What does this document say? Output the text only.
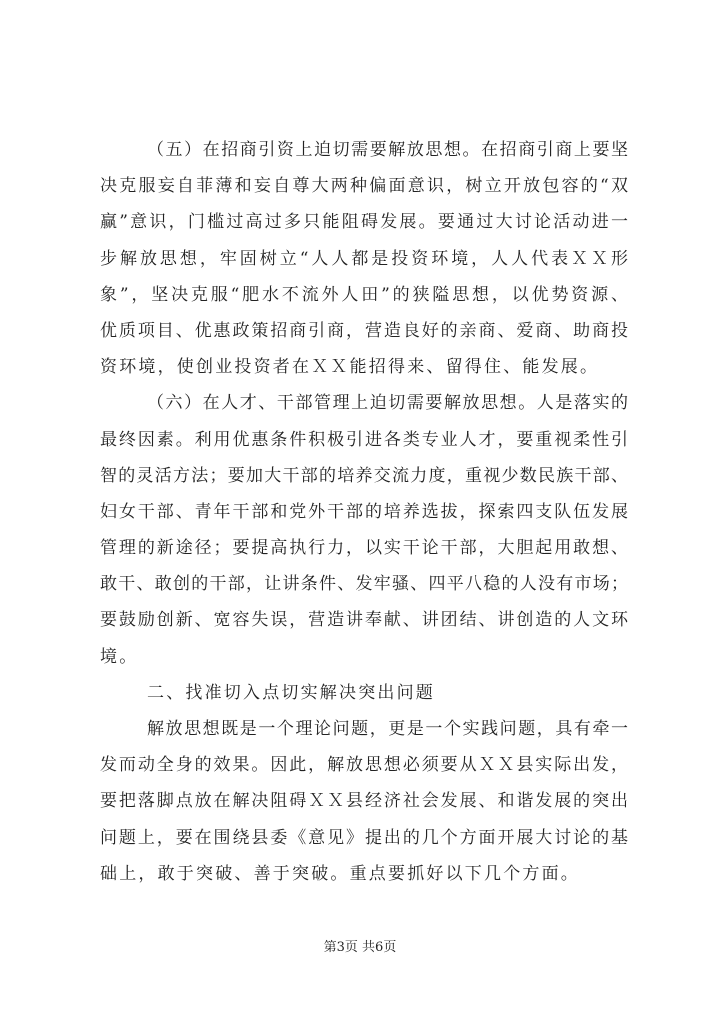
（五）在招商引资上迫切需要解放思想。在招商引商上要坚
决克服妄自菲薄和妄自尊大两种偏面意识，树立开放包容的“双
赢”意识，门槛过高过多只能阻碍发展。要通过大讨论活动进一
步解放思想，牢固树立“人人都是投资环境，人人代表ＸＸ形
象”，坚决克服“肥水不流外人田”的狭隘思想，以优势资源、
优质项目、优惠政策招商引商，营造良好的亲商、爱商、助商投
资环境，使创业投资者在ＸＸ能招得来、留得住、能发展。
（六）在人才、干部管理上迫切需要解放思想。人是落实的
最终因素。利用优惠条件积极引进各类专业人才，要重视柔性引
智的灵活方法；要加大干部的培养交流力度，重视少数民族干部、
妇女干部、青年干部和党外干部的培养选拔，探索四支队伍发展
管理的新途径；要提高执行力，以实干论干部，大胆起用敢想、
敢干、敢创的干部，让讲条件、发牢骚、四平八稳的人没有市场；
要鼓励创新、宽容失误，营造讲奉献、讲团结、讲创造的人文环
境。
二、找准切入点切实解决突出问题
解放思想既是一个理论问题，更是一个实践问题，具有牵一
发而动全身的效果。因此，解放思想必须要从ＸＸ县实际出发，
要把落脚点放在解决阻碍ＸＸ县经济社会发展、和谐发展的突出
问题上，要在围绕县委《意见》提出的几个方面开展大讨论的基
础上，敢于突破、善于突破。重点要抓好以下几个方面。
第3页 共6页
